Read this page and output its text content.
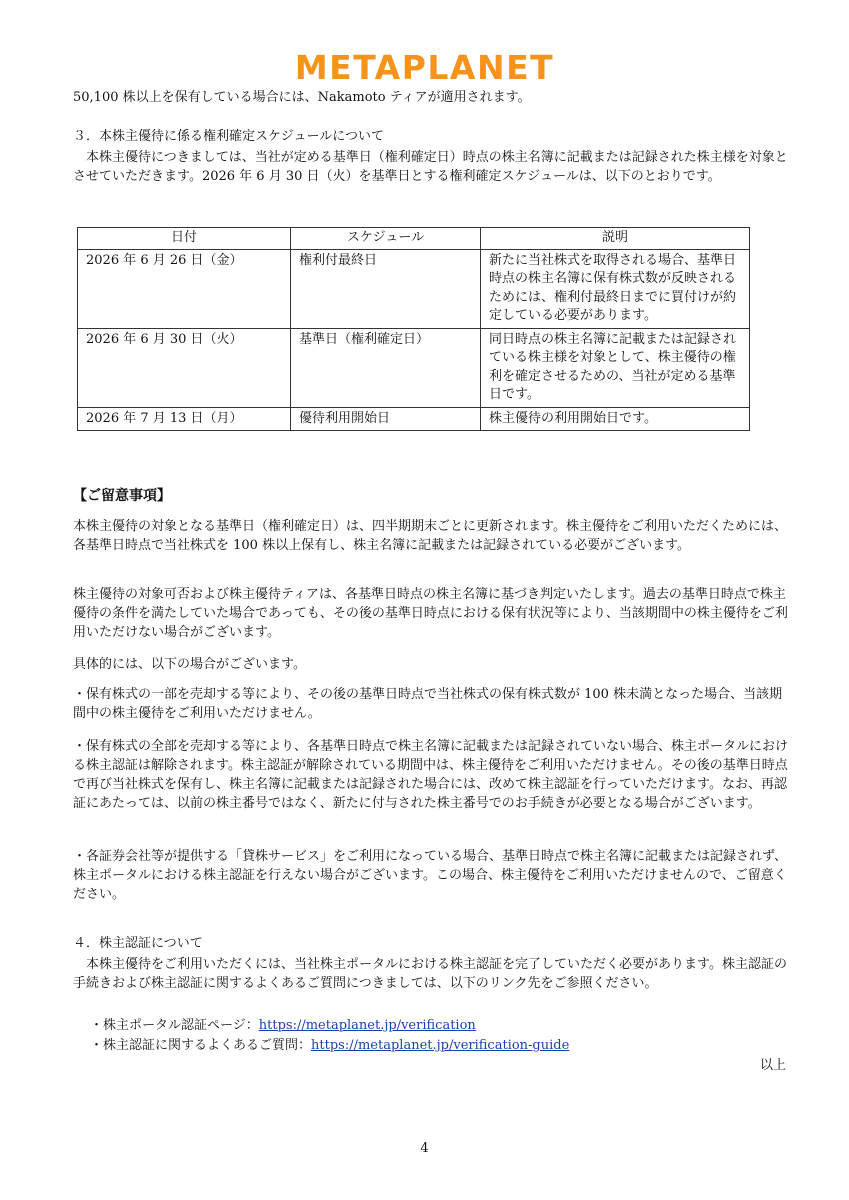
METAPLANET

50,100 株以上を保有している場合には、Nakamoto ティアが適用されます。

３．本株主優待に係る権利確定スケジュールについて

本株主優待につきましては、当社が定める基準日（権利確定日）時点の株主名簿に記載または記録された株主様を対象とさせていただきます。2026 年 6 月 30 日（火）を基準日とする権利確定スケジュールは、以下のとおりです。

日付	スケジュール	説明
2026 年 6 月 26 日（金）	権利付最終日	新たに当社株式を取得される場合、基準日時点の株主名簿に保有株式数が反映されるためには、権利付最終日までに買付けが約定している必要があります。
2026 年 6 月 30 日（火）	基準日（権利確定日）	同日時点の株主名簿に記載または記録されている株主様を対象として、株主優待の権利を確定させるための、当社が定める基準日です。
2026 年 7 月 13 日（月）	優待利用開始日	株主優待の利用開始日です。

【ご留意事項】

本株主優待の対象となる基準日（権利確定日）は、四半期期末ごとに更新されます。株主優待をご利用いただくためには、各基準日時点で当社株式を 100 株以上保有し、株主名簿に記載または記録されている必要がございます。

株主優待の対象可否および株主優待ティアは、各基準日時点の株主名簿に基づき判定いたします。過去の基準日時点で株主優待の条件を満たしていた場合であっても、その後の基準日時点における保有状況等により、当該期間中の株主優待をご利用いただけない場合がございます。

具体的には、以下の場合がございます。

・保有株式の一部を売却する等により、その後の基準日時点で当社株式の保有株式数が 100 株未満となった場合、当該期間中の株主優待をご利用いただけません。

・保有株式の全部を売却する等により、各基準日時点で株主名簿に記載または記録されていない場合、株主ポータルにおける株主認証は解除されます。株主認証が解除されている期間中は、株主優待をご利用いただけません。その後の基準日時点で再び当社株式を保有し、株主名簿に記載または記録された場合には、改めて株主認証を行っていただけます。なお、再認証にあたっては、以前の株主番号ではなく、新たに付与された株主番号でのお手続きが必要となる場合がございます。

・各証券会社等が提供する「貸株サービス」をご利用になっている場合、基準日時点で株主名簿に記載または記録されず、株主ポータルにおける株主認証を行えない場合がございます。この場合、株主優待をご利用いただけませんので、ご留意ください。

４．株主認証について

本株主優待をご利用いただくには、当社株主ポータルにおける株主認証を完了していただく必要があります。株主認証の手続きおよび株主認証に関するよくあるご質問につきましては、以下のリンク先をご参照ください。

・株主ポータル認証ページ：https://metaplanet.jp/verification
・株主認証に関するよくあるご質問：https://metaplanet.jp/verification-guide
以上
4
